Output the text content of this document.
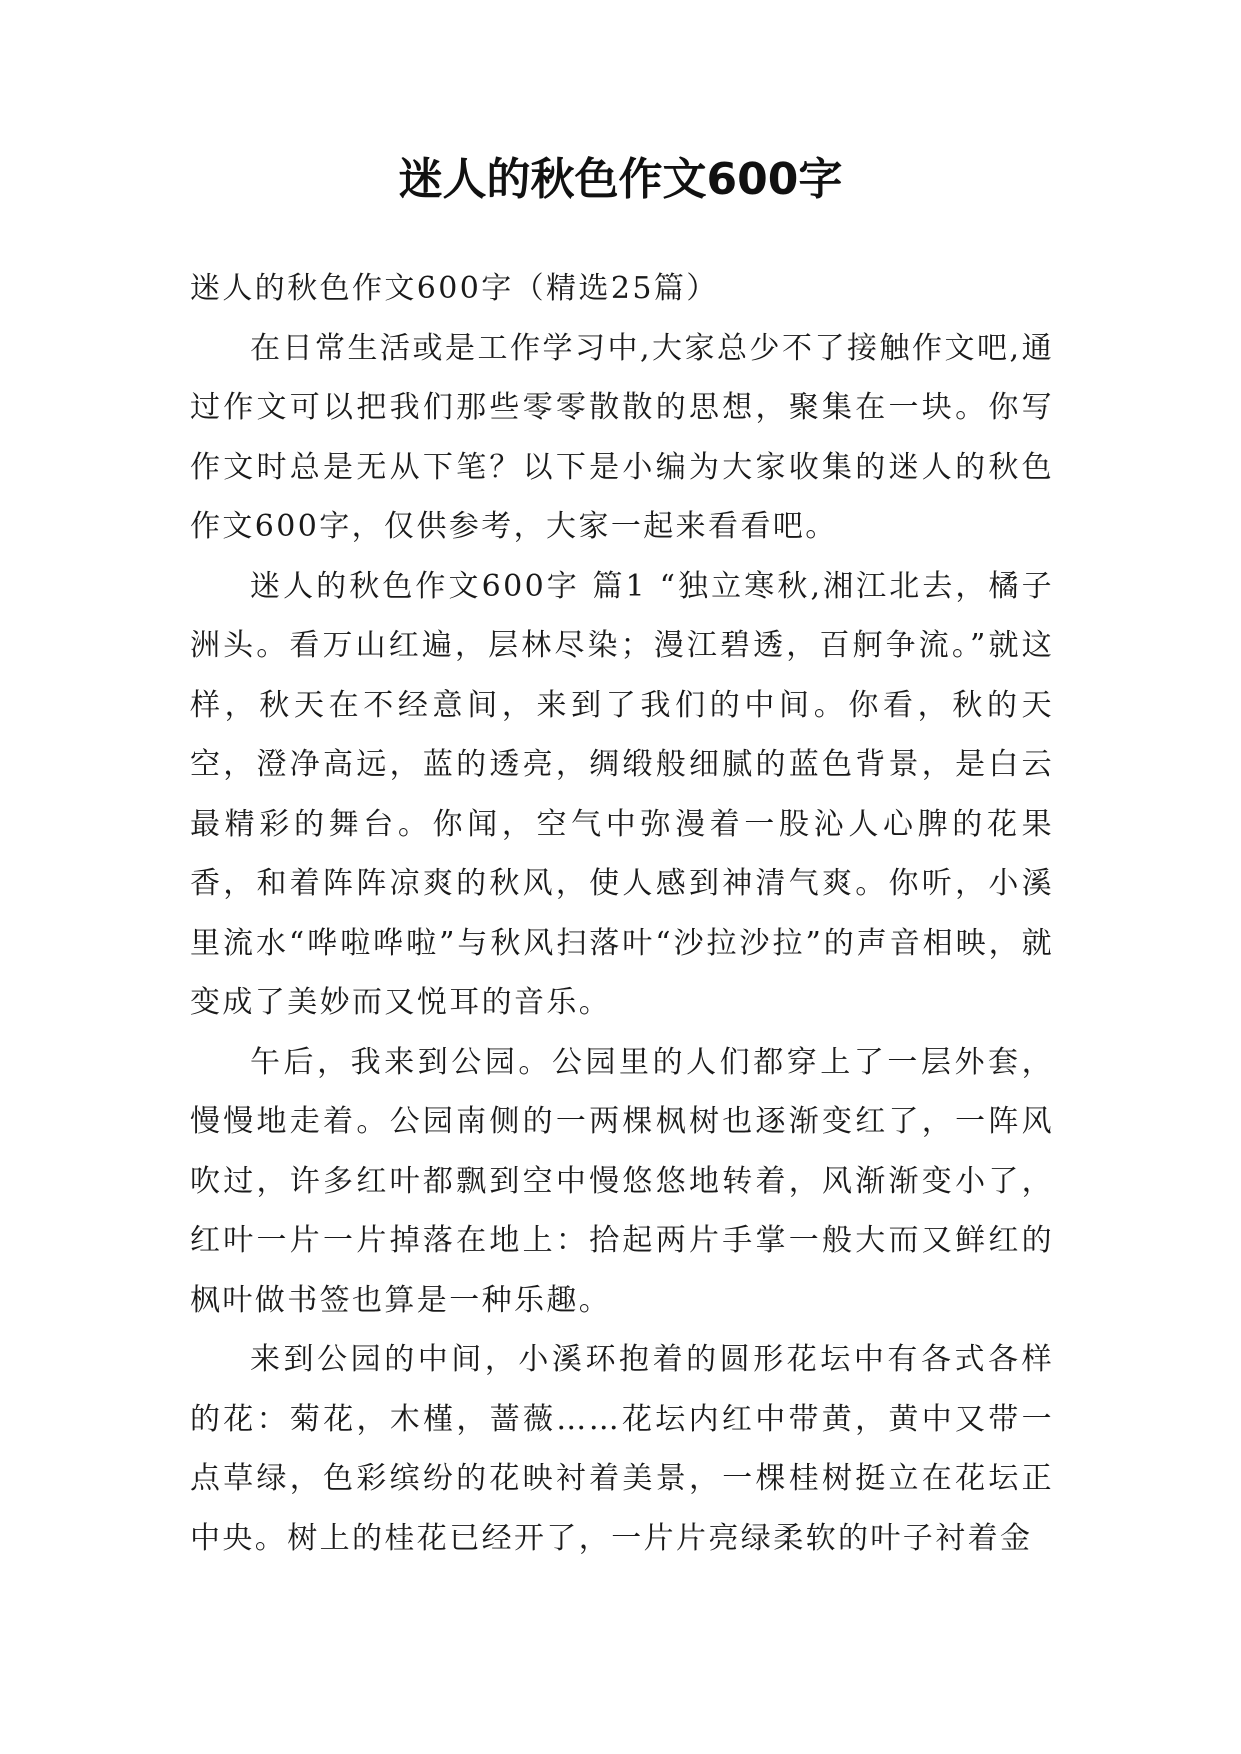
迷人的秋色作文600字

迷人的秋色作文600字（精选25篇）

在日常生活或是工作学习中,大家总少不了接触作文吧,通过作文可以把我们那些零零散散的思想，聚集在一块。你写作文时总是无从下笔？以下是小编为大家收集的迷人的秋色作文600字，仅供参考，大家一起来看看吧。

迷人的秋色作文600字 篇1 “独立寒秋,湘江北去，橘子洲头。看万山红遍，层林尽染；漫江碧透，百舸争流。”就这样，秋天在不经意间，来到了我们的中间。你看，秋的天空，澄净高远，蓝的透亮，绸缎般细腻的蓝色背景，是白云最精彩的舞台。你闻，空气中弥漫着一股沁人心脾的花果香，和着阵阵凉爽的秋风，使人感到神清气爽。你听，小溪里流水“哗啦哗啦”与秋风扫落叶“沙拉沙拉”的声音相映，就变成了美妙而又悦耳的音乐。

午后，我来到公园。公园里的人们都穿上了一层外套，慢慢地走着。公园南侧的一两棵枫树也逐渐变红了，一阵风吹过，许多红叶都飘到空中慢悠悠地转着，风渐渐变小了，红叶一片一片掉落在地上：拾起两片手掌一般大而又鲜红的枫叶做书签也算是一种乐趣。

来到公园的中间，小溪环抱着的圆形花坛中有各式各样的花：菊花，木槿，蔷薇……花坛内红中带黄，黄中又带一点草绿，色彩缤纷的花映衬着美景，一棵桂树挺立在花坛正中央。树上的桂花已经开了，一片片亮绿柔软的叶子衬着金
